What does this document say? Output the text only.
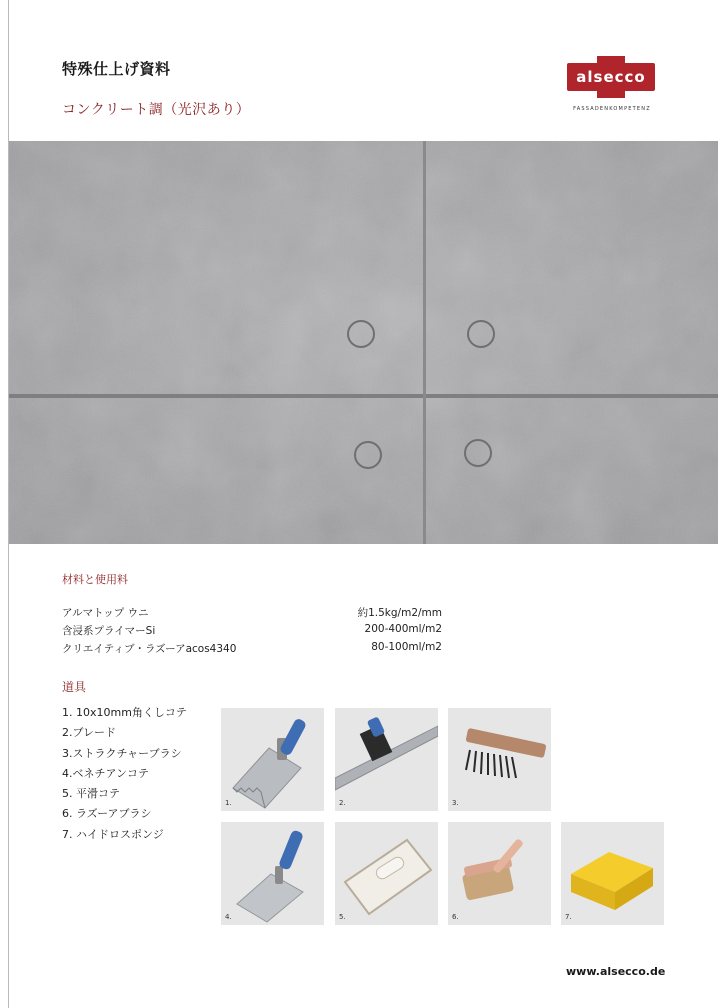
特殊仕上げ資料
コンクリート調（光沢あり）
alsecco
FASSADENKOMPETENZ
材料と使用料
アルマトップ ウニ	約1.5kg/m2/mm
含浸系プライマーSi	200-400ml/m2
クリエイティブ・ラズーアacos4340	80-100ml/m2
道具
1. 10x10mm角くしコテ
2.ブレード
3.ストラクチャーブラシ
4.ベネチアンコテ
5. 平滑コテ
6. ラズーアブラシ
7. ハイドロスポンジ
1.	2.	3.
4.	5.	6.	7.
www.alsecco.de
